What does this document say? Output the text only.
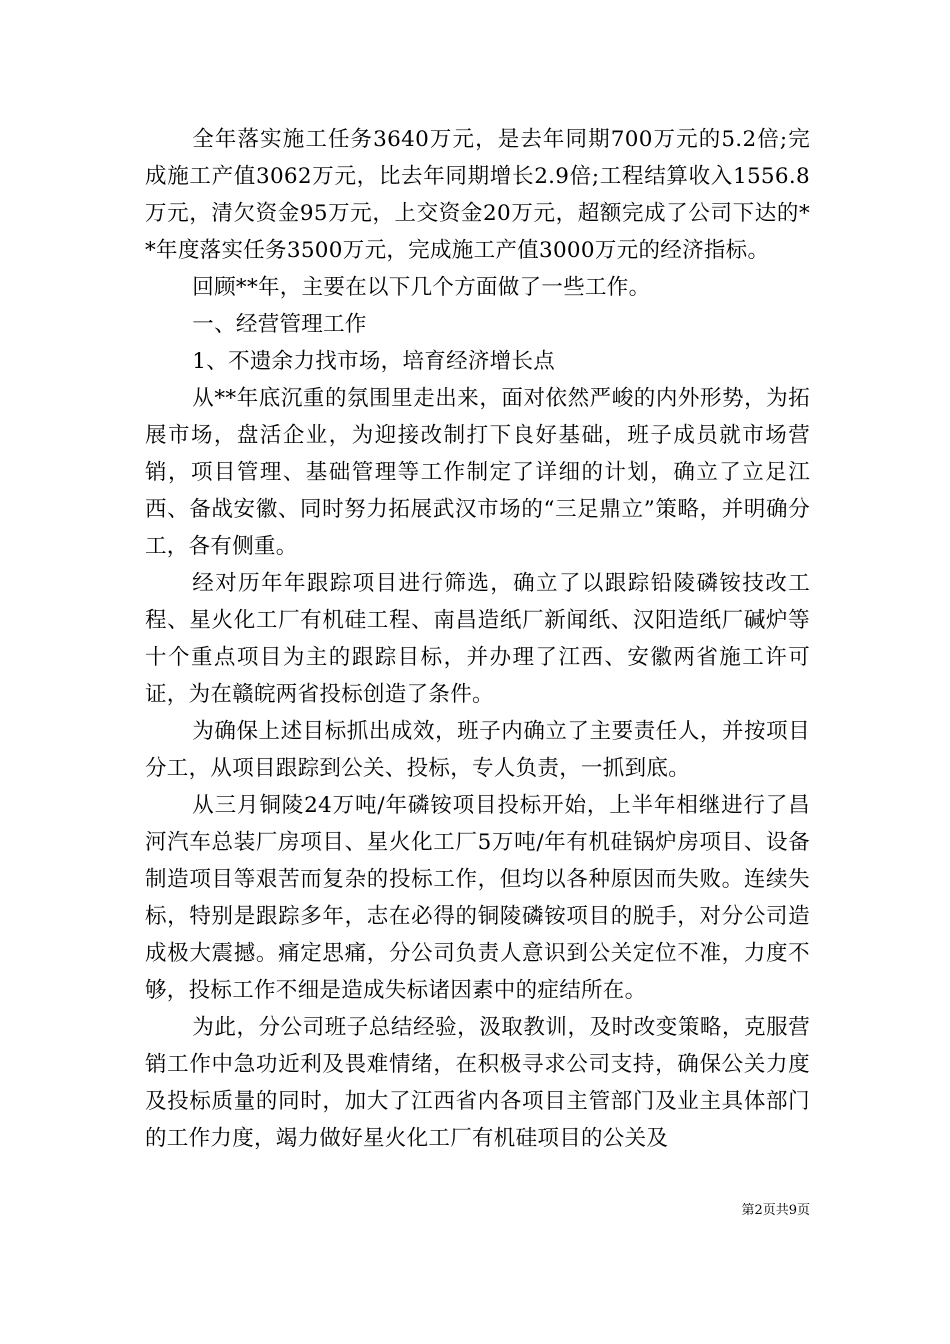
全年落实施工任务3640万元，是去年同期700万元的5.2倍;完成施工产值3062万元，比去年同期增长2.9倍;工程结算收入1556.8万元，清欠资金95万元，上交资金20万元，超额完成了公司下达的**年度落实任务3500万元，完成施工产值3000万元的经济指标。

回顾**年，主要在以下几个方面做了一些工作。

一、经营管理工作

1、不遗余力找市场，培育经济增长点

从**年底沉重的氛围里走出来，面对依然严峻的内外形势，为拓展市场，盘活企业，为迎接改制打下良好基础，班子成员就市场营销，项目管理、基础管理等工作制定了详细的计划，确立了立足江西、备战安徽、同时努力拓展武汉市场的“三足鼎立”策略，并明确分工，各有侧重。

经对历年年跟踪项目进行筛选，确立了以跟踪铅陵磷铵技改工程、星火化工厂有机硅工程、南昌造纸厂新闻纸、汉阳造纸厂碱炉等十个重点项目为主的跟踪目标，并办理了江西、安徽两省施工许可证，为在赣皖两省投标创造了条件。

为确保上述目标抓出成效，班子内确立了主要责任人，并按项目分工，从项目跟踪到公关、投标，专人负责，一抓到底。

从三月铜陵24万吨/年磷铵项目投标开始，上半年相继进行了昌河汽车总装厂房项目、星火化工厂5万吨/年有机硅锅炉房项目、设备制造项目等艰苦而复杂的投标工作，但均以各种原因而失败。连续失标，特别是跟踪多年，志在必得的铜陵磷铵项目的脱手，对分公司造成极大震撼。痛定思痛，分公司负责人意识到公关定位不准，力度不够，投标工作不细是造成失标诸因素中的症结所在。

为此，分公司班子总结经验，汲取教训，及时改变策略，克服营销工作中急功近利及畏难情绪，在积极寻求公司支持，确保公关力度及投标质量的同时，加大了江西省内各项目主管部门及业主具体部门的工作力度，竭力做好星火化工厂有机硅项目的公关及

第2页共9页
